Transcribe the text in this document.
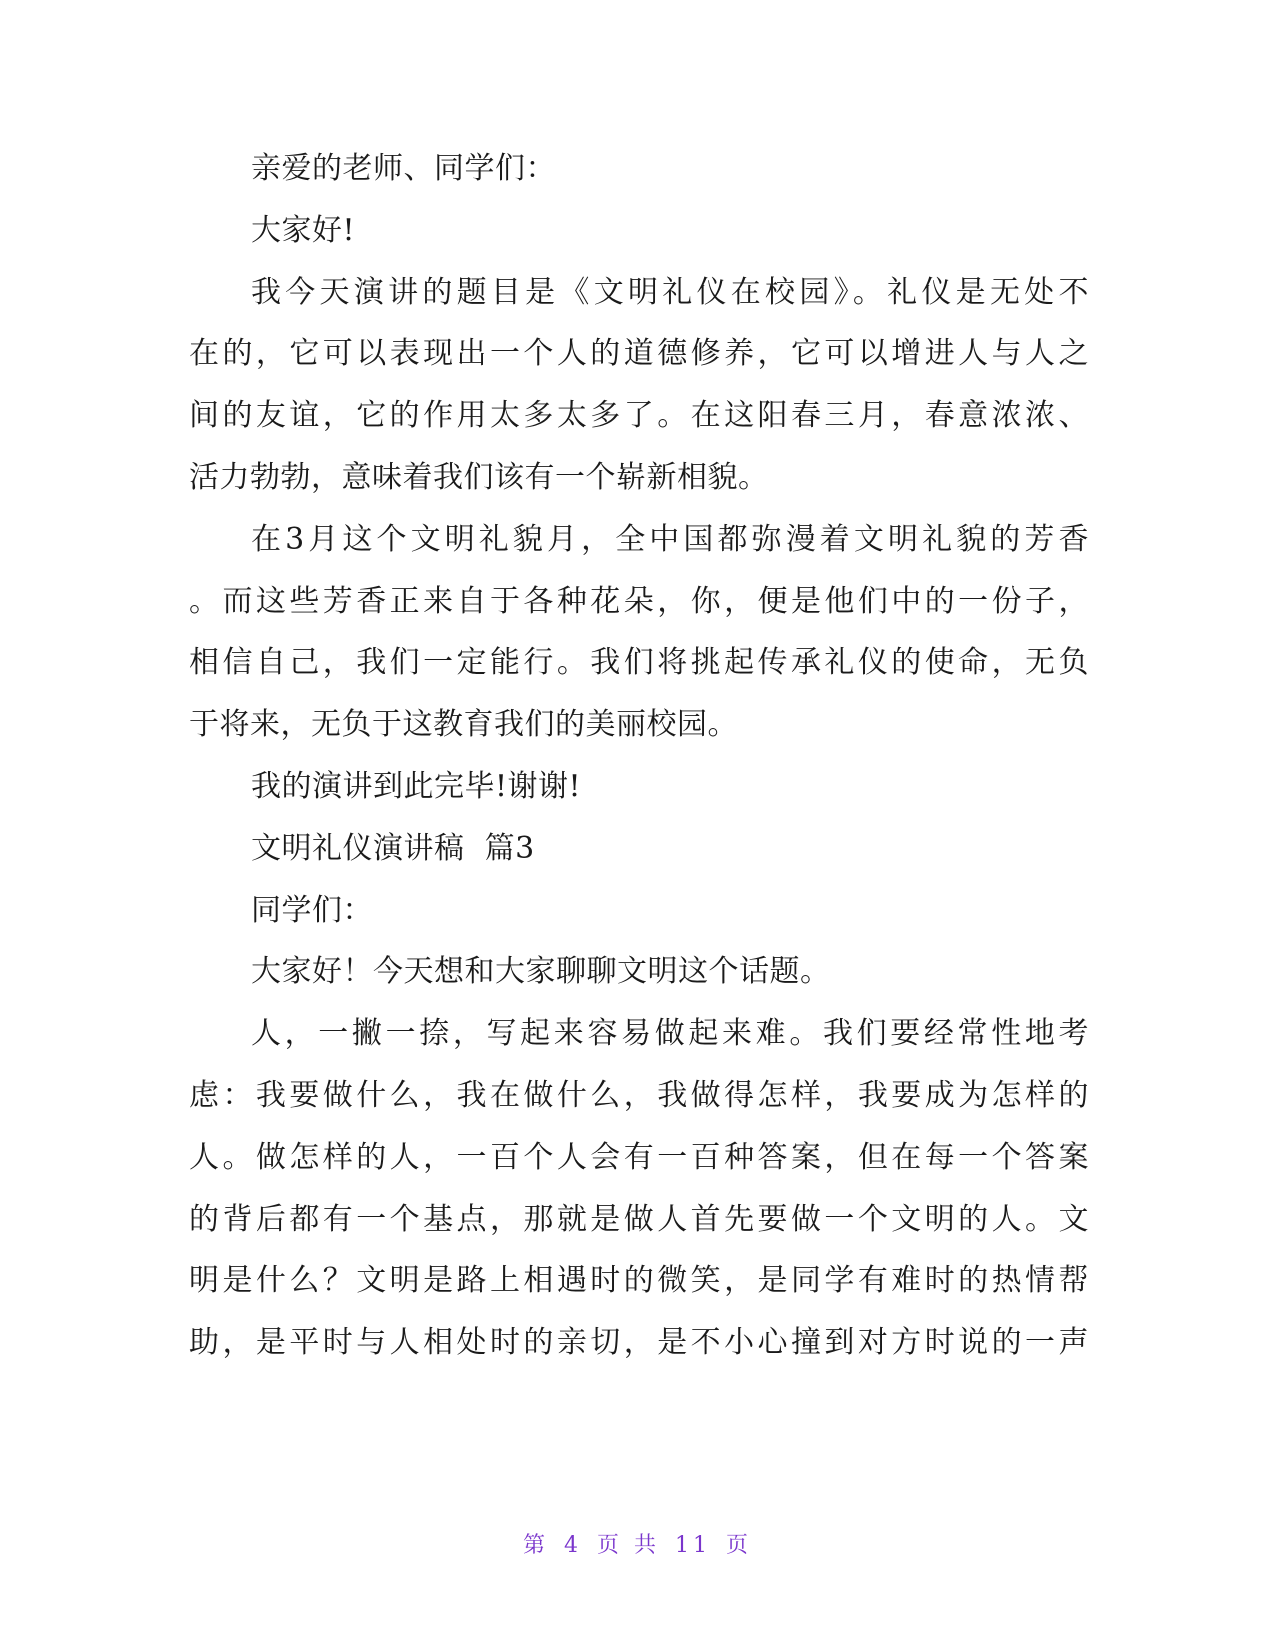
亲爱的老师、同学们：
大家好!
我今天演讲的题目是《文明礼仪在校园》。礼仪是无处不
在的，它可以表现出一个人的道德修养，它可以增进人与人之
间的友谊，它的作用太多太多了。在这阳春三月，春意浓浓、
活力勃勃，意味着我们该有一个崭新相貌。
在3月这个文明礼貌月，全中国都弥漫着文明礼貌的芳香
。而这些芳香正来自于各种花朵，你，便是他们中的一份子，
相信自己，我们一定能行。我们将挑起传承礼仪的使命，无负
于将来，无负于这教育我们的美丽校园。
我的演讲到此完毕!谢谢!
文明礼仪演讲稿  篇3
同学们：
大家好！今天想和大家聊聊文明这个话题。
人，一撇一捺，写起来容易做起来难。我们要经常性地考
虑：我要做什么，我在做什么，我做得怎样，我要成为怎样的
人。做怎样的人，一百个人会有一百种答案，但在每一个答案
的背后都有一个基点，那就是做人首先要做一个文明的人。文
明是什么？文明是路上相遇时的微笑，是同学有难时的热情帮
助，是平时与人相处时的亲切，是不小心撞到对方时说的一声
第 4 页 共 11 页
